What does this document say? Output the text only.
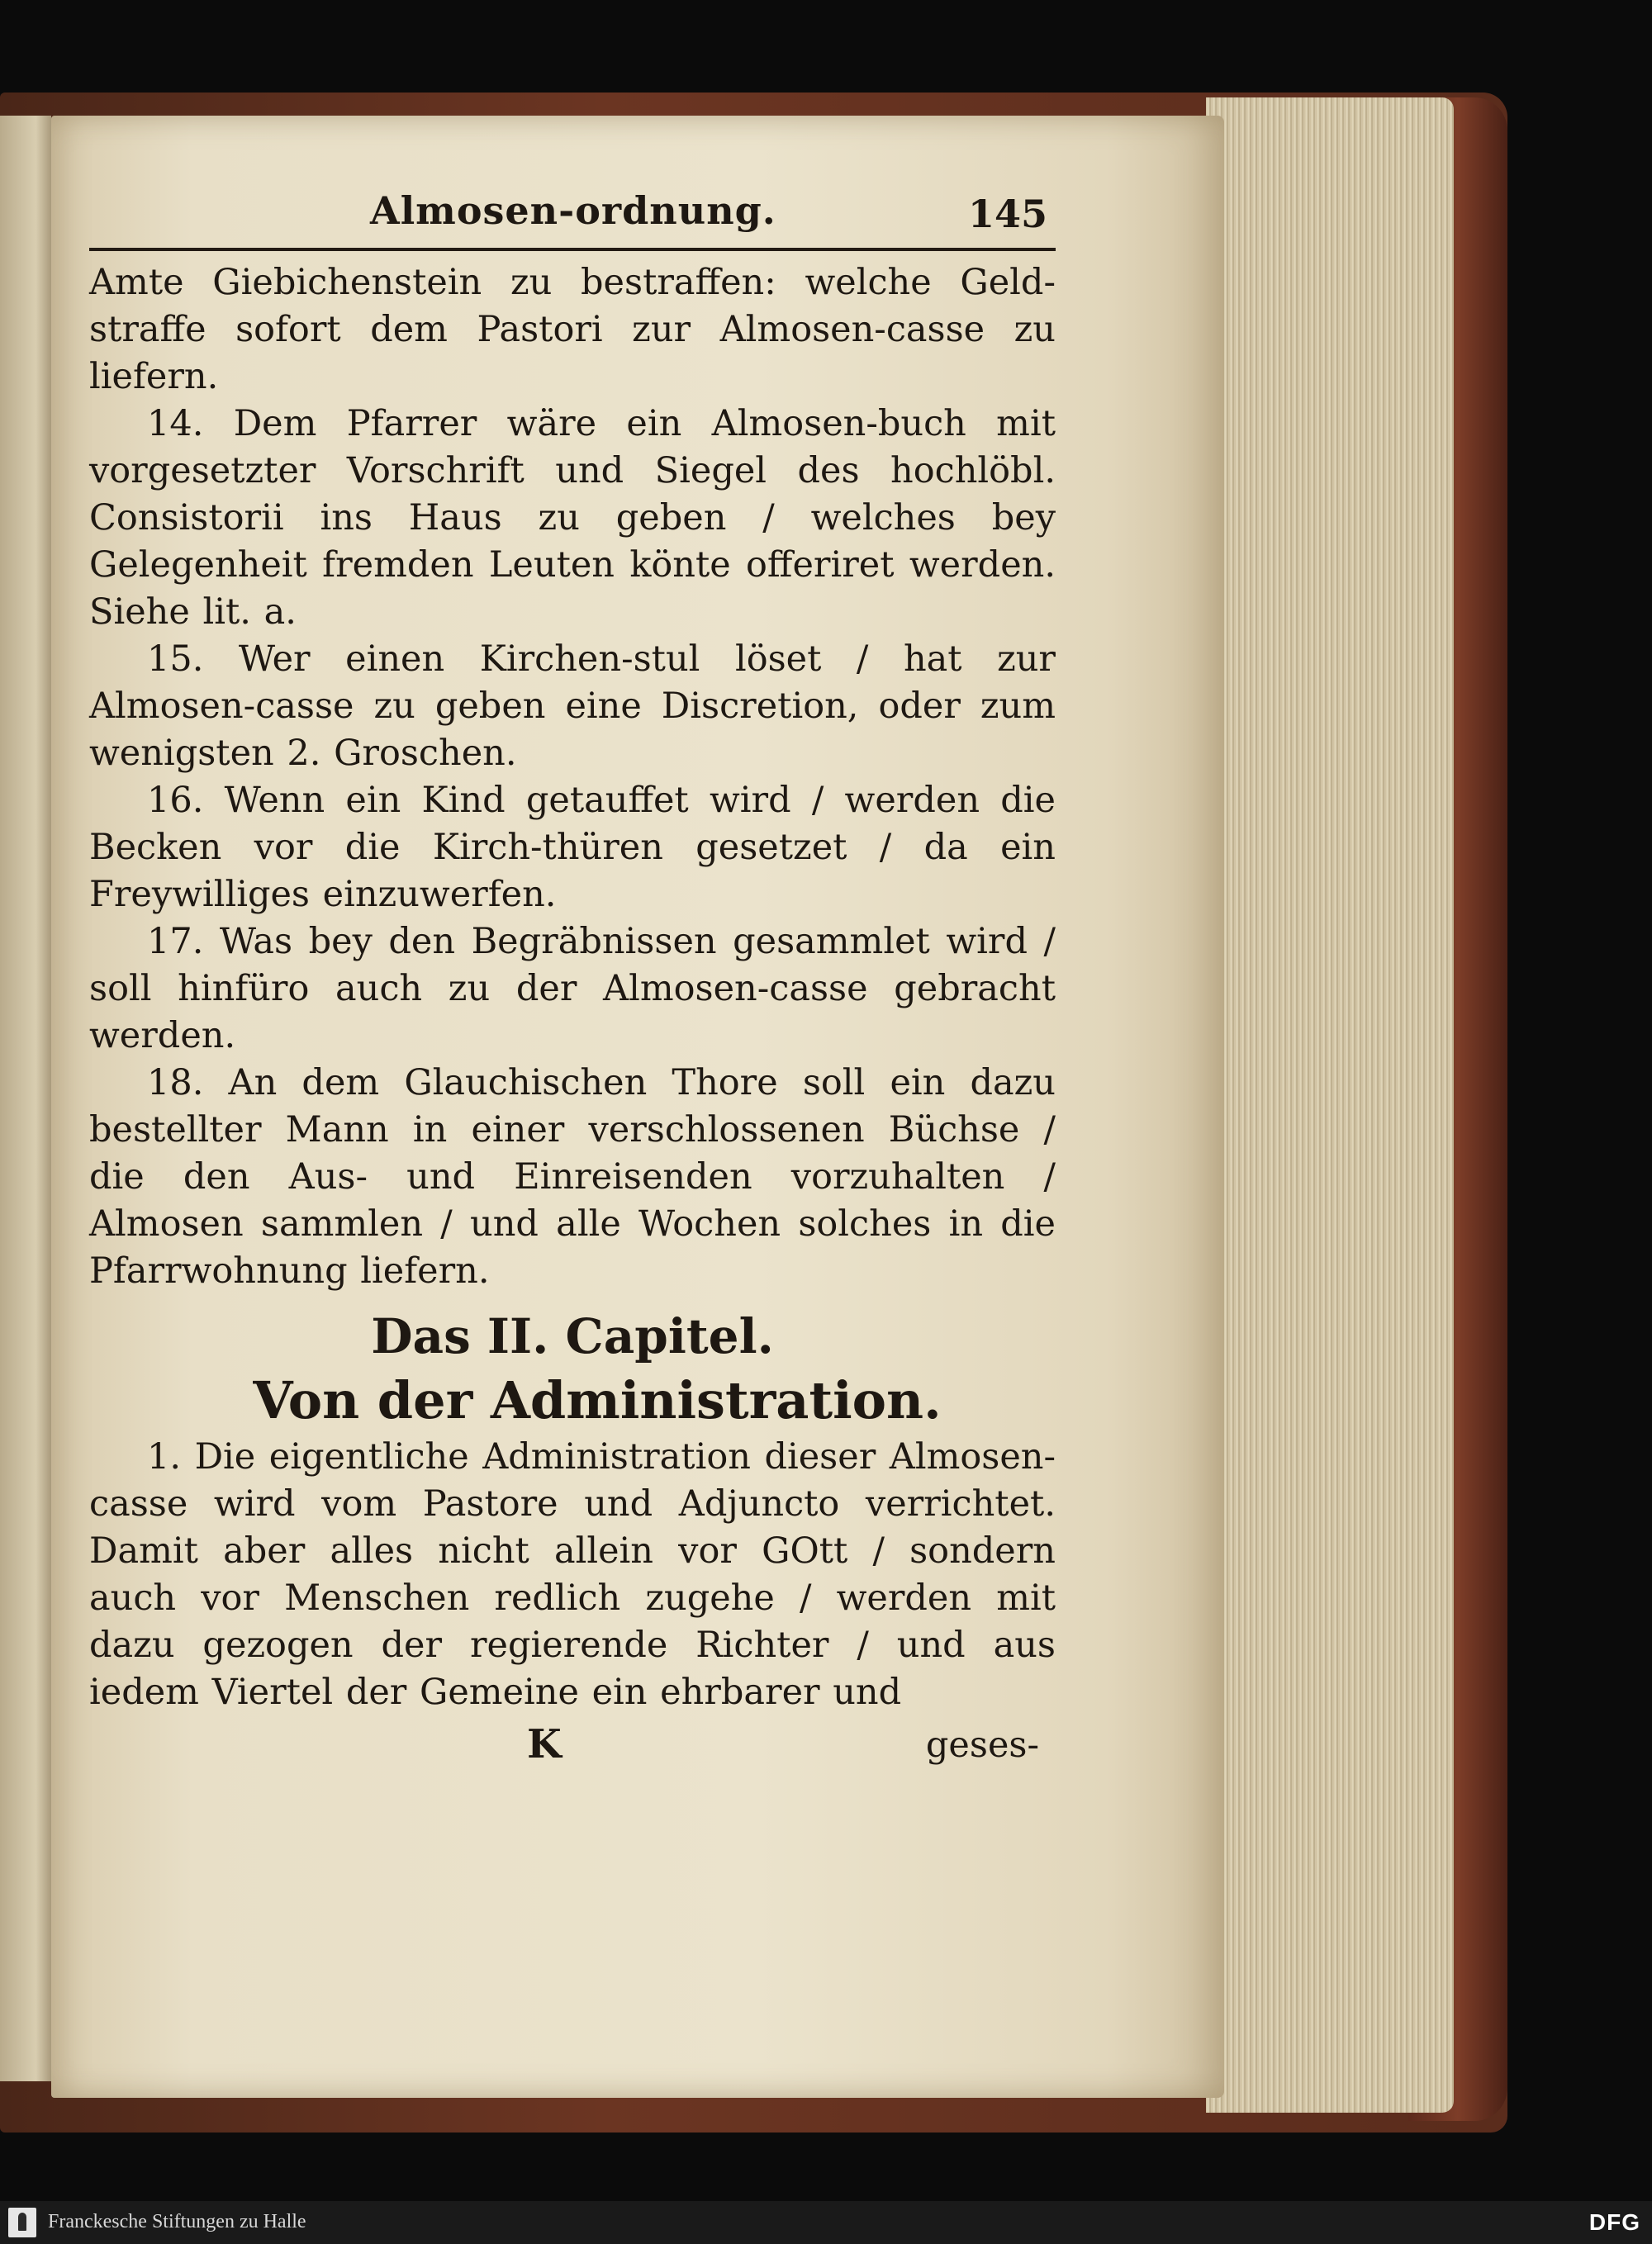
Almosen-ordnung.	145

Amte Giebichenstein zu bestraffen: welche Geld-straffe sofort dem Pastori zur Almosen-casse zu liefern.

14. Dem Pfarrer wäre ein Almosen-buch mit vorgesetzter Vorschrift und Siegel des hochlöbl. Consistorii ins Haus zu geben / welches bey Gelegenheit fremden Leuten könte offeriret werden. Siehe lit. a.

15. Wer einen Kirchen-stul löset / hat zur Almosen-casse zu geben eine Discretion, oder zum wenigsten 2. Groschen.

16. Wenn ein Kind getauffet wird / werden die Becken vor die Kirch-thüren gesetzet / da ein Freywilliges einzuwerfen.

17. Was bey den Begräbnissen gesammlet wird / soll hinfüro auch zu der Almosen-casse gebracht werden.

18. An dem Glauchischen Thore soll ein dazu bestellter Mann in einer verschlossenen Büchse / die den Aus- und Einreisenden vorzuhalten / Almosen sammlen / und alle Wochen solches in die Pfarrwohnung liefern.

Das II. Capitel.
Von der Administration.

1. Die eigentliche Administration dieser Almosen-casse wird vom Pastore und Adjuncto verrichtet. Damit aber alles nicht allein vor GOtt / sondern auch vor Menschen redlich zugehe / werden mit dazu gezogen der regierende Richter / und aus iedem Viertel der Gemeine ein ehrbarer und

K	geses-
Franckesche Stiftungen zu Halle	DFG
